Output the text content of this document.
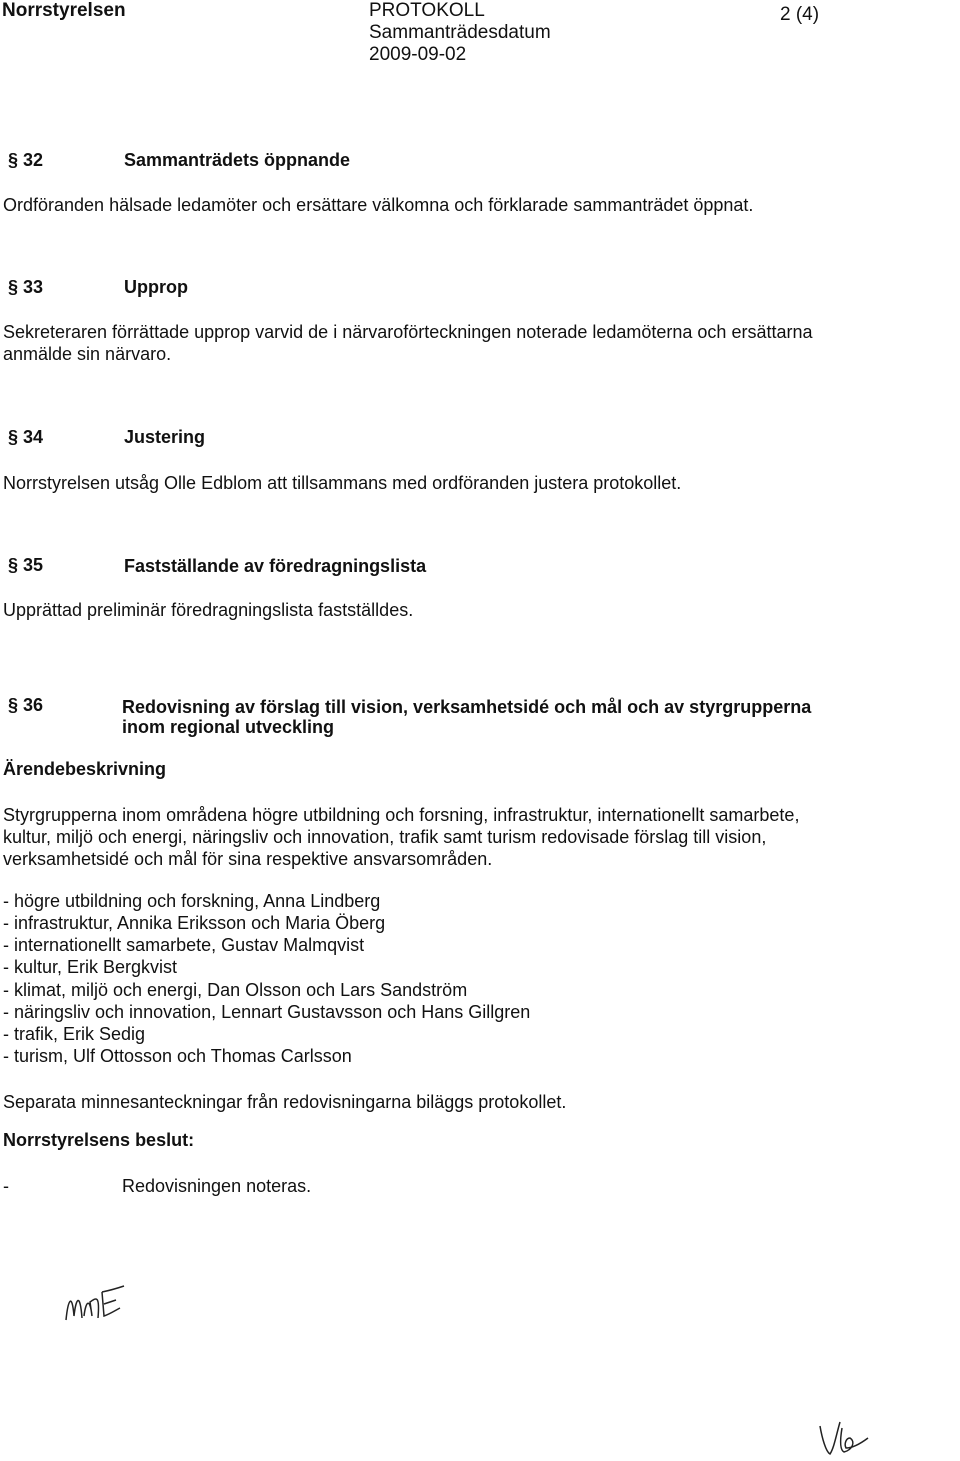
Norrstyrelsen	PROTOKOLL
Sammanträdesdatum
2009-09-02
2 (4)
§ 32	Sammanträdets öppnande
Ordföranden hälsade ledamöter och ersättare välkomna och förklarade sammanträdet öppnat.
§ 33	Upprop
Sekreteraren förrättade upprop varvid de i närvaroförteckningen noterade ledamöterna och ersättarna
anmälde sin närvaro.
§ 34	Justering
Norrstyrelsen utsåg Olle Edblom att tillsammans med ordföranden justera protokollet.
§ 35	Fastställande av föredragningslista
Upprättad preliminär föredragningslista fastställdes.
§ 36	Redovisning av förslag till vision, verksamhetsidé och mål och av styrgrupperna
inom regional utveckling
Ärendebeskrivning
Styrgrupperna inom områdena högre utbildning och forsning, infrastruktur, internationellt samarbete,
kultur, miljö och energi, näringsliv och innovation, trafik samt turism redovisade förslag till vision,
verksamhetsidé och mål för sina respektive ansvarsområden.
- högre utbildning och forskning, Anna Lindberg
- infrastruktur, Annika Eriksson och Maria Öberg
- internationellt samarbete, Gustav Malmqvist
- kultur, Erik Bergkvist
- klimat, miljö och energi, Dan Olsson och Lars Sandström
- näringsliv och innovation, Lennart Gustavsson och Hans Gillgren
- trafik, Erik Sedig
- turism, Ulf Ottosson och Thomas Carlsson
Separata minnesanteckningar från redovisningarna biläggs protokollet.
Norrstyrelsens beslut:
-	Redovisningen noteras.
